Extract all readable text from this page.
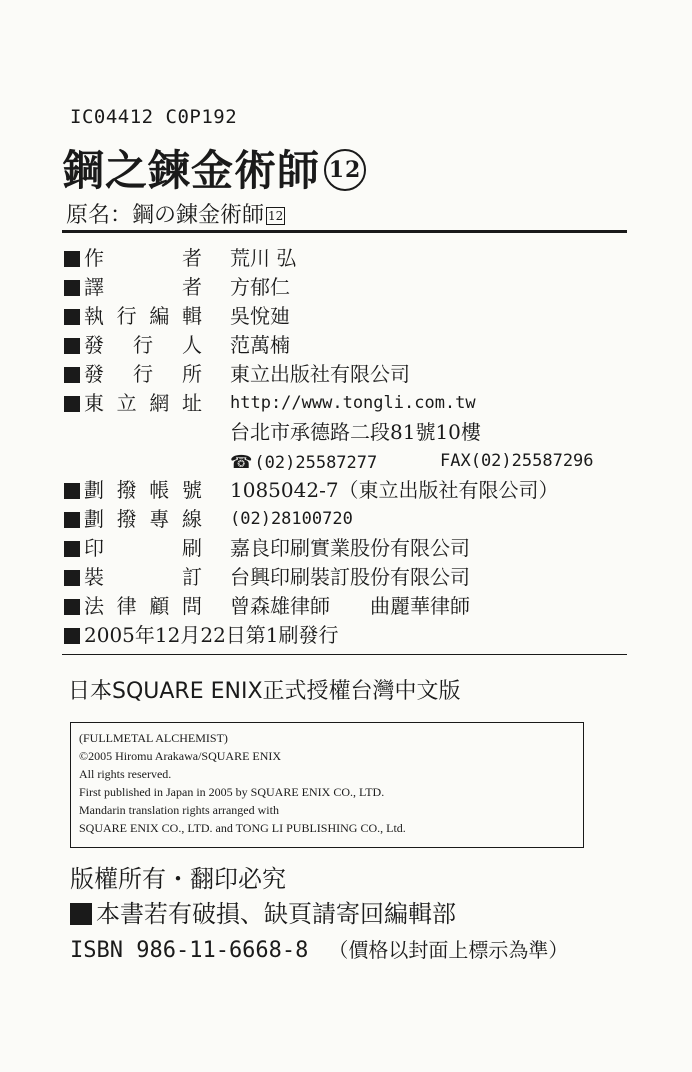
IC04412 C0P192
鋼之鍊金術師 12
原名：鋼の錬金術師 12
作	者 荒川 弘
譯	者 方郁仁
執 行 編 輯 吳悅廸
發 行 人 范萬楠
發 行 所 東立出版社有限公司
東 立 網 址 http://www.tongli.com.tw
台北市承德路二段81號10樓
☎ (02)25587277	FAX(02)25587296
劃 撥 帳 號 1085042-7（東立出版社有限公司）
劃 撥 專 線 (02)28100720
印	刷 嘉良印刷實業股份有限公司
裝	訂 台興印刷裝訂股份有限公司
法 律 顧 問 曾森雄律師 曲麗華律師
2005年12月22日第1刷發行
日本SQUARE ENIX正式授權台灣中文版
(FULLMETAL ALCHEMIST)
©2005 Hiromu Arakawa/SQUARE ENIX
All rights reserved.
First published in Japan in 2005 by SQUARE ENIX CO., LTD.
Mandarin translation rights arranged with
SQUARE ENIX CO., LTD. and TONG LI PUBLISHING CO., Ltd.
版權所有・翻印必究
本書若有破損、缺頁請寄回編輯部
ISBN 986-11-6668-8 （價格以封面上標示為準）
